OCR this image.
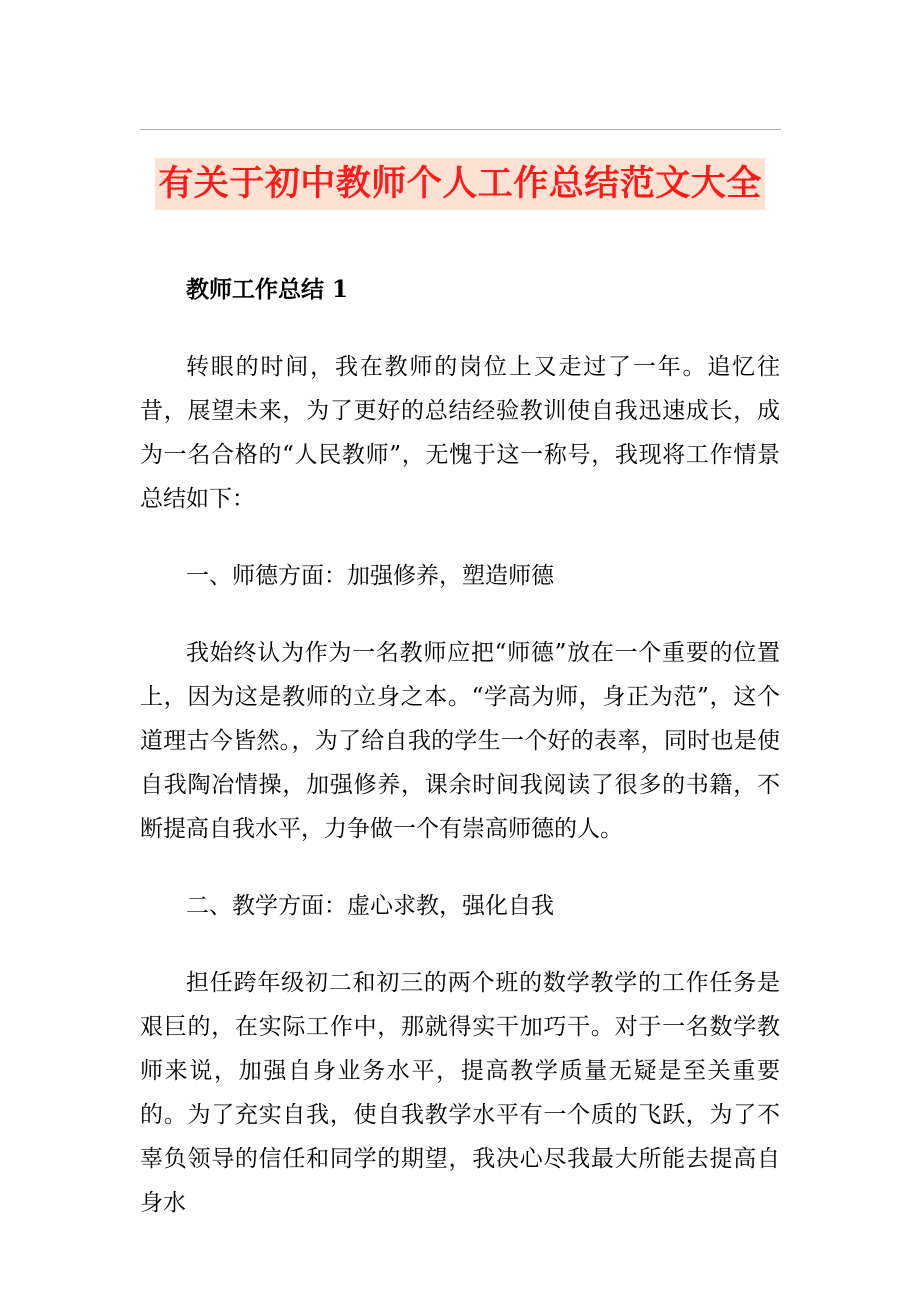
有关于初中教师个人工作总结范文大全

教师工作总结 1

转眼的时间，我在教师的岗位上又走过了一年。追忆往昔，展望未来，为了更好的总结经验教训使自我迅速成长，成为一名合格的“人民教师”，无愧于这一称号，我现将工作情景总结如下：

一、师德方面：加强修养，塑造师德

我始终认为作为一名教师应把“师德”放在一个重要的位置上，因为这是教师的立身之本。“学高为师，身正为范”，这个道理古今皆然。，为了给自我的学生一个好的表率，同时也是使自我陶冶情操，加强修养，课余时间我阅读了很多的书籍，不断提高自我水平，力争做一个有崇高师德的人。

二、教学方面：虚心求教，强化自我

担任跨年级初二和初三的两个班的数学教学的工作任务是艰巨的，在实际工作中，那就得实干加巧干。对于一名数学教师来说，加强自身业务水平，提高教学质量无疑是至关重要的。为了充实自我，使自我教学水平有一个质的飞跃，为了不辜负领导的信任和同学的期望，我决心尽我最大所能去提高自身水
